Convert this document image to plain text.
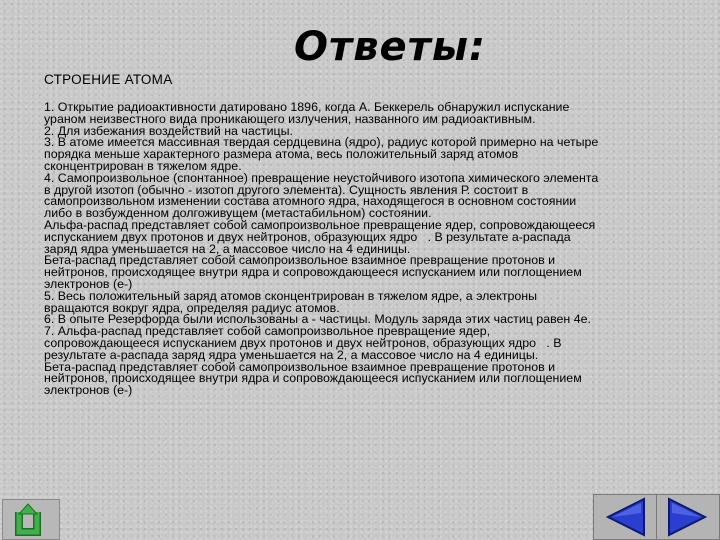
Ответы:
СТРОЕНИЕ АТОМА
1. Открытие радиоактивности датировано 1896, когда А. Беккерель обнаружил испускание
ураном неизвестного вида проникающего излучения, названного им радиоактивным.
2. Для избежания воздействий на частицы.
3. В атоме имеется массивная твердая сердцевина (ядро), радиус которой примерно на четыре
порядка меньше характерного размера атома, весь положительный заряд атомов
сконцентрирован в тяжелом ядре.
4. Самопроизвольное (спонтанное) превращение неустойчивого изотопа химического элемента
в другой изотоп (обычно - изотоп другого элемента). Сущность явления Р. состоит в
самопроизвольном изменении состава атомного ядра, находящегося в основном состоянии
либо в возбужденном долгоживущем (метастабильном) состоянии.
Альфа-распад представляет собой самопроизвольное превращение ядер, сопровождающееся
испусканием двух протонов и двух нейтронов, образующих ядро   . В результате a-распада
заряд ядра уменьшается на 2, а массовое число на 4 единицы.
Бета-распад представляет собой самопроизвольное взаимное превращение протонов и
нейтронов, происходящее внутри ядра и сопровождающееся испусканием или поглощением
электронов (e-)
5. Весь положительный заряд атомов сконцентрирован в тяжелом ядре, а электроны
вращаются вокруг ядра, определяя радиус атомов.
6. В опыте Резерфорда были использованы a - частицы. Модуль заряда этих частиц равен 4e.
7. Альфа-распад представляет собой самопроизвольное превращение ядер,
сопровождающееся испусканием двух протонов и двух нейтронов, образующих ядро   . В
результате a-распада заряд ядра уменьшается на 2, а массовое число на 4 единицы.
Бета-распад представляет собой самопроизвольное взаимное превращение протонов и
нейтронов, происходящее внутри ядра и сопровождающееся испусканием или поглощением
электронов (e-)
